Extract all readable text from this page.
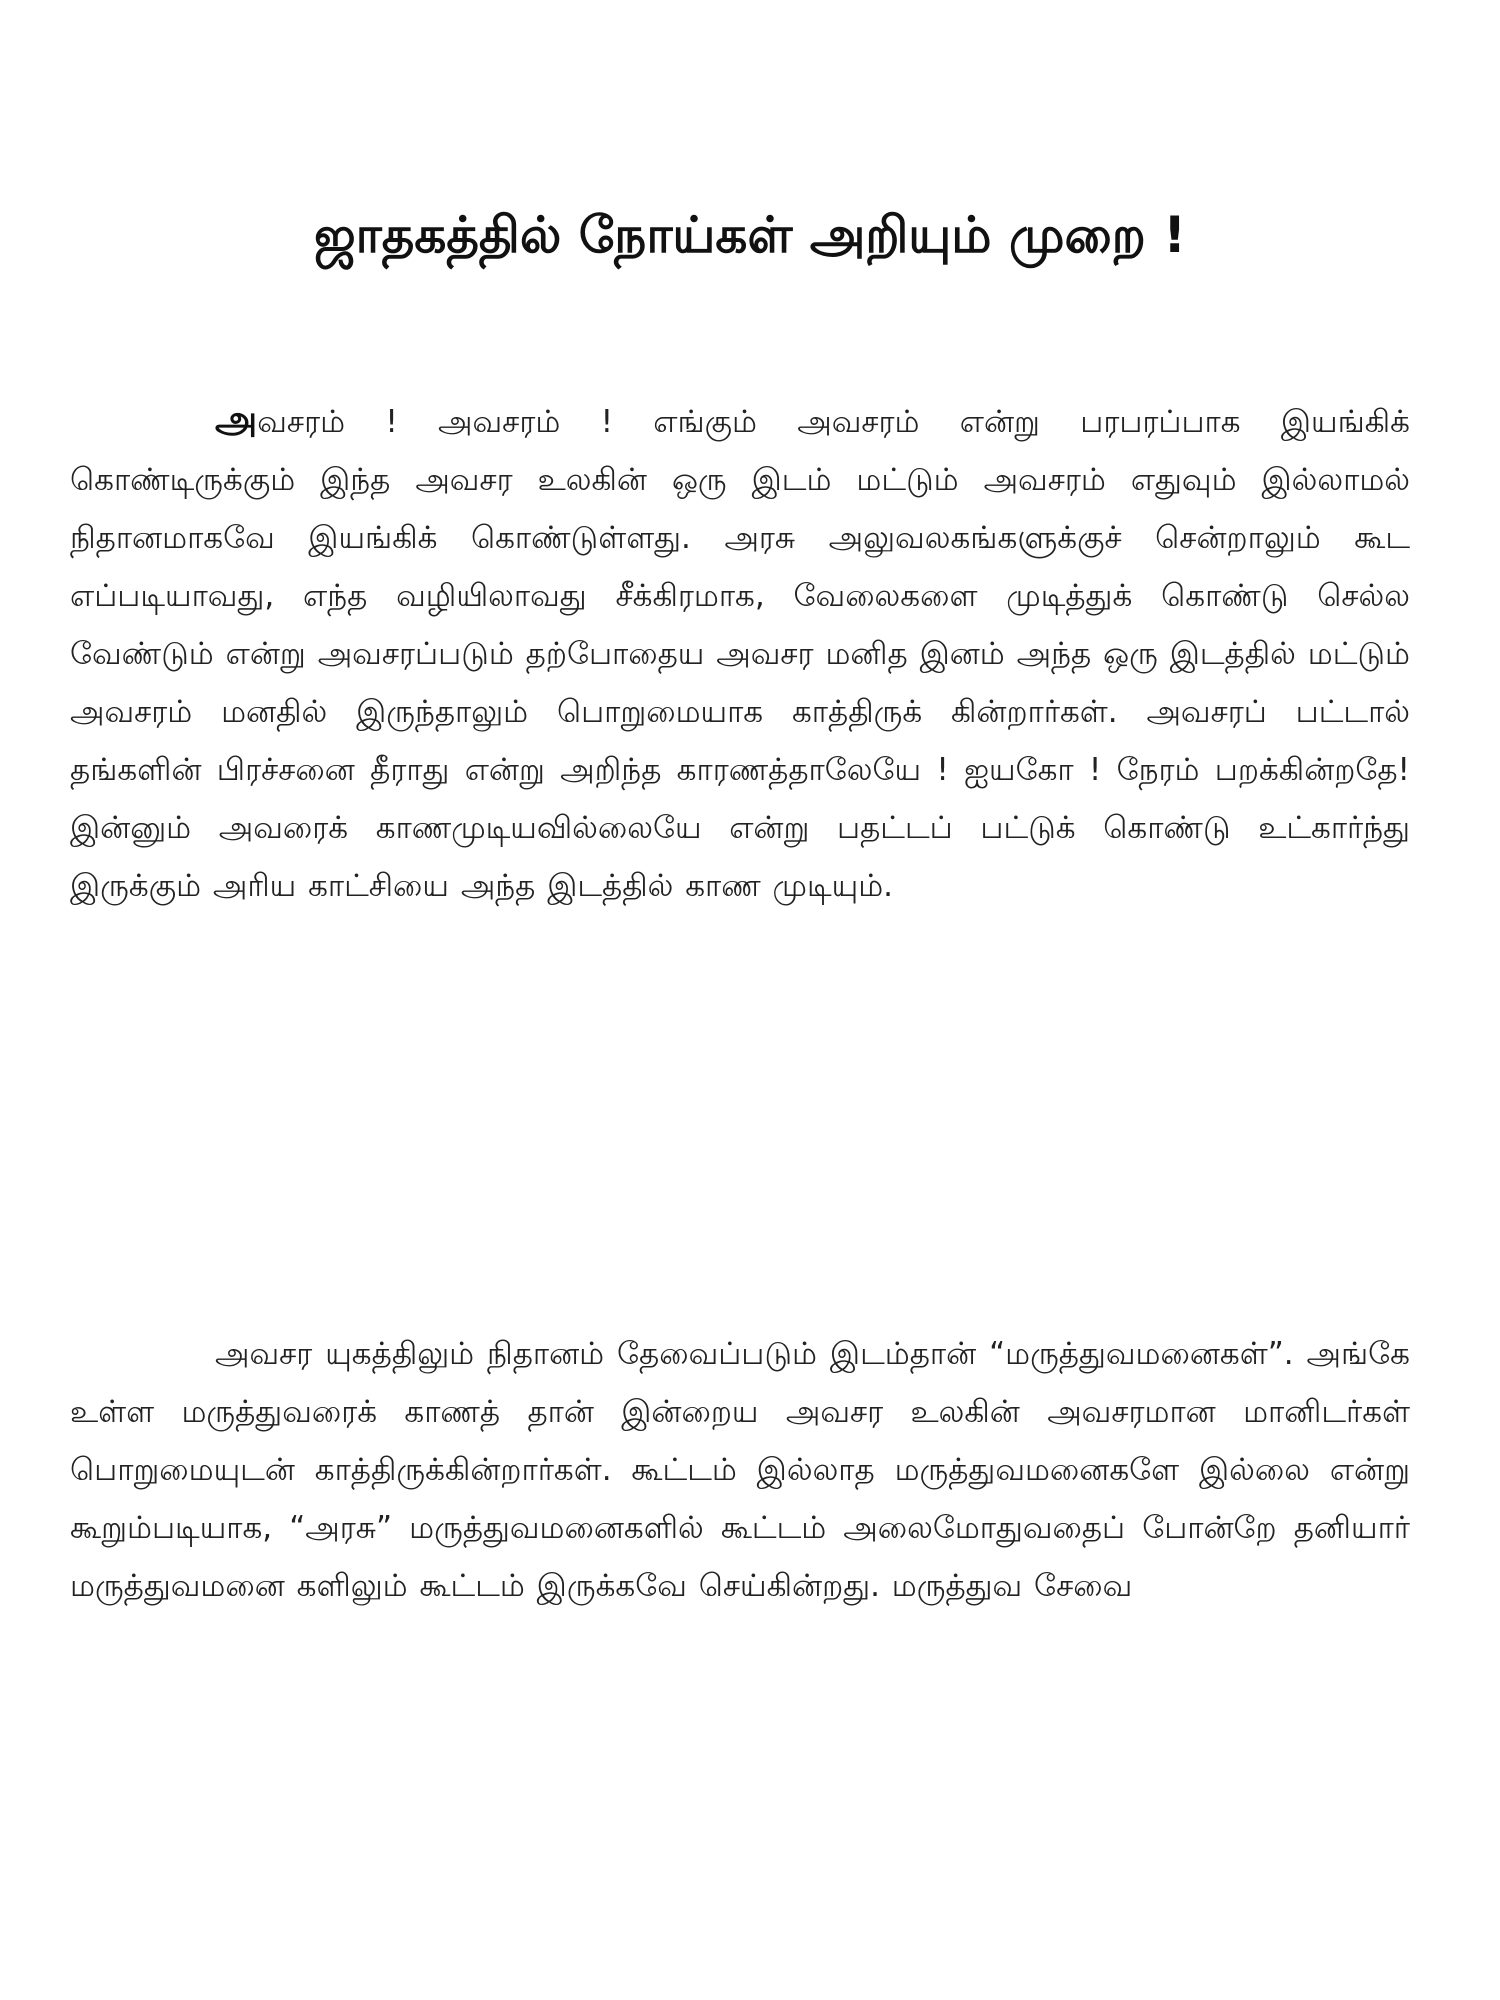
ஜாதகத்தில் நோய்கள் அறியும் முறை !

அவசரம் ! அவசரம் ! எங்கும் அவசரம் என்று பரபரப்பாக இயங்கிக் கொண்டிருக்கும் இந்த அவசர உலகின் ஒரு இடம் மட்டும் அவசரம் எதுவும் இல்லாமல் நிதானமாகவே இயங்கிக் கொண்டுள்ளது. அரசு அலுவலகங்களுக்குச் சென்றாலும் கூட எப்படியாவது, எந்த வழியிலாவது சீக்கிரமாக, வேலைகளை முடித்துக் கொண்டு செல்ல வேண்டும் என்று அவசரப்படும் தற்போதைய அவசர மனித இனம் அந்த ஒரு இடத்தில் மட்டும் அவசரம் மனதில் இருந்தாலும் பொறுமையாக காத்திருக் கின்றார்கள். அவசரப் பட்டால் தங்களின் பிரச்சனை தீராது என்று அறிந்த காரணத்தாலேயே ! ஐயகோ ! நேரம் பறக்கின்றதே! இன்னும் அவரைக் காணமுடியவில்லையே என்று பதட்டப் பட்டுக் கொண்டு உட்கார்ந்து இருக்கும் அரிய காட்சியை அந்த இடத்தில் காண முடியும்.

அவசர யுகத்திலும் நிதானம் தேவைப்படும் இடம்தான் “மருத்துவமனைகள்”. அங்கே உள்ள மருத்துவரைக் காணத் தான் இன்றைய அவசர உலகின் அவசரமான மானிடர்கள் பொறுமையுடன் காத்திருக்கின்றார்கள். கூட்டம் இல்லாத மருத்துவமனைகளே இல்லை என்று கூறும்படியாக, “அரசு” மருத்துவமனைகளில் கூட்டம் அலைமோதுவதைப் போன்றே தனியார் மருத்துவமனை களிலும் கூட்டம் இருக்கவே செய்கின்றது. மருத்துவ சேவை
